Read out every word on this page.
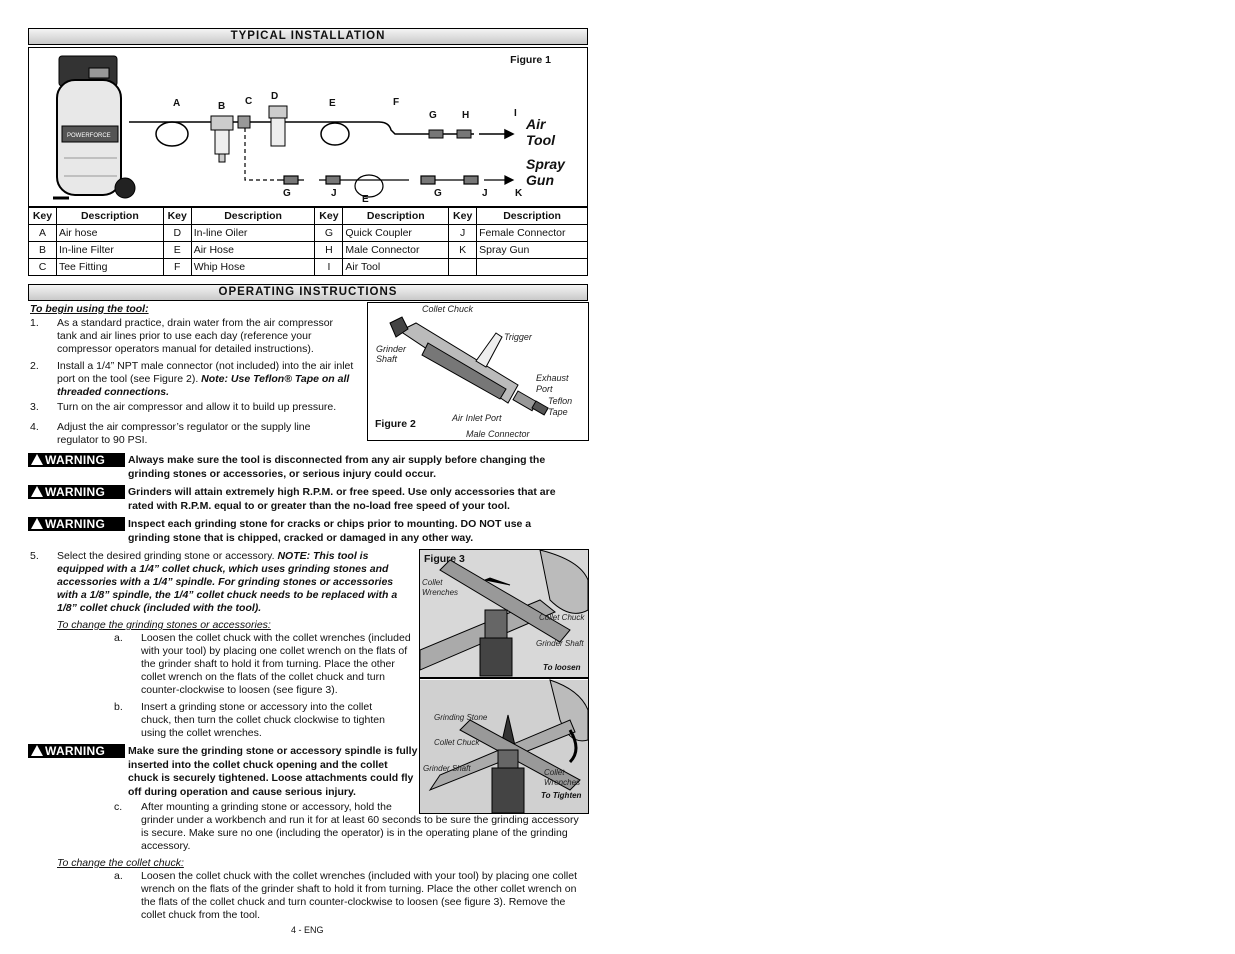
TYPICAL INSTALLATION
Figure 1
POWERFORCE
A	B C D
E	F
G	H	I
G	J
E
G	J	K
Air Tool
Spray Gun
Key	Description	Key	Description	Key	Description	Key	Description
A	Air hose	D	In-line Oiler	G	Quick Coupler	J	Female Connector
B	In-line Filter	E	Air Hose	H	Male Connector	K	Spray Gun
C	Tee Fitting	F	Whip Hose	I	Air Tool		
OPERATING INSTRUCTIONS
To begin using the tool:
1. As a standard practice, drain water from the air compressor tank and air lines prior to use each day (reference your compressor operators manual for detailed instructions).
2. Install a 1/4” NPT male connector (not included) into the air inlet port on the tool (see Figure 2). Note: Use Teflon® Tape on all threaded connections.
3. Turn on the air compressor and allow it to build up pressure.
4. Adjust the air compressor’s regulator or the supply line regulator to 90 PSI.
Collet Chuck
Trigger
Grinder Shaft
Exhaust Port
Teflon Tape
Air Inlet Port
Male Connector
Figure 2
WARNING	Always make sure the tool is disconnected from any air supply before changing the grinding stones or accessories, or serious injury could occur.
WARNING	Grinders will attain extremely high R.P.M. or free speed. Use only accessories that are rated with R.P.M. equal to or greater than the no-load free speed of your tool.
WARNING	Inspect each grinding stone for cracks or chips prior to mounting. DO NOT use a grinding stone that is chipped, cracked or damaged in any other way.
5. Select the desired grinding stone or accessory. NOTE: This tool is equipped with a 1/4” collet chuck, which uses grinding stones and accessories with a 1/4” spindle. For grinding stones or accessories with a 1/8” spindle, the 1/4” collet chuck needs to be replaced with a 1/8” collet chuck (included with the tool).
To change the grinding stones or accessories:
a. Loosen the collet chuck with the collet wrenches (included with your tool) by placing one collet wrench on the flats of the grinder shaft to hold it from turning. Place the other collet wrench on the flats of the collet chuck and turn counter-clockwise to loosen (see figure 3).
b. Insert a grinding stone or accessory into the collet chuck, then turn the collet chuck clockwise to tighten using the collet wrenches.
WARNING	Make sure the grinding stone or accessory spindle is fully inserted into the collet chuck opening and the collet chuck is securely tightened. Loose attachments could fly off during operation and cause serious injury.
c. After mounting a grinding stone or accessory, hold the grinder under a workbench and run it for at least 60 seconds to be sure the grinding accessory is secure. Make sure no one (including the operator) is in the operating plane of the grinding accessory.
Figure 3
Collet Wrenches
Collet Chuck
Grinder Shaft
To loosen
Grinding Stone
Collet Chuck
Grinder Shaft	Collet Wrenches
To Tighten
To change the collet chuck:
a. Loosen the collet chuck with the collet wrenches (included with your tool) by placing one collet wrench on the flats of the grinder shaft to hold it from turning. Place the other collet wrench on the flats of the collet chuck and turn counter-clockwise to loosen (see figure 3). Remove the collet chuck from the tool.
4 - ENG
